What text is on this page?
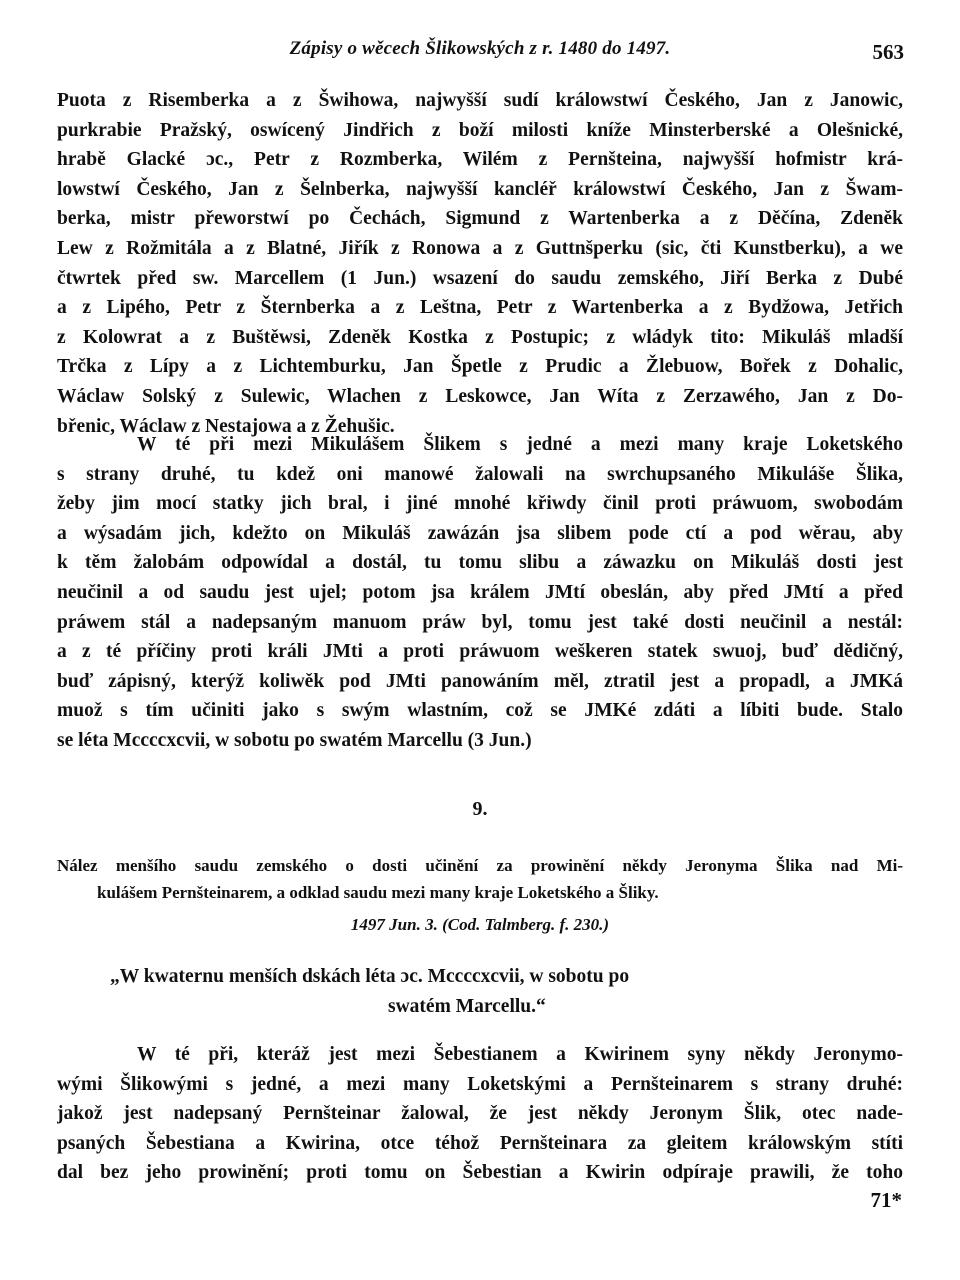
Zápisy o wěcech Šlikowských z r. 1480 do 1497.	563
Puota z Risemberka a z Šwihowa, najwyšší sudí králowstwí Českého, Jan z Janowic,
purkrabie Pražský, oswícený Jindřich z boží milosti kníže Minsterberské a Olešnické,
hrabě Glacké ɔc., Petr z Rozmberka, Wilém z Pernšteina, najwyšší hofmistr krá-
lowstwí Českého, Jan z Šelnberka, najwyšší kancléř králowstwí Českého, Jan z Šwam-
berka, mistr přeworstwí po Čechách, Sigmund z Wartenberka a z Děčína, Zdeněk
Lew z Rožmitála a z Blatné, Jiřík z Ronowa a z Guttnšperku (sic, čti Kunstberku), a we
čtwrtek před sw. Marcellem (1 Jun.) wsazení do saudu zemského, Jiří Berka z Dubé
a z Lipého, Petr z Šternberka a z Leštna, Petr z Wartenberka a z Bydžowa, Jetřich
z Kolowrat a z Buštěwsi, Zdeněk Kostka z Postupic; z wládyk tito: Mikuláš mladší
Trčka z Lípy a z Lichtemburku, Jan Špetle z Prudic a Žlebuow, Bořek z Dohalic,
Wáclaw Solský z Sulewic, Wlachen z Leskowce, Jan Wíta z Zerzawého, Jan z Do-
břenic, Wáclaw z Nestajowa a z Žehušic.
W té při mezi Mikulášem Šlikem s jedné a mezi many kraje Loketského
s strany druhé, tu kdež oni manowé žalowali na swrchupsaného Mikuláše Šlika,
žeby jim mocí statky jich bral, i jiné mnohé křiwdy činil proti práwuom, swobodám
a wýsadám jich, kdežto on Mikuláš zawázán jsa slibem pode ctí a pod wěrau, aby
k těm žalobám odpowídal a dostál, tu tomu slibu a záwazku on Mikuláš dosti jest
neučinil a od saudu jest ujel; potom jsa králem JMtí obeslán, aby před JMtí a před
práwem stál a nadepsaným manuom práw byl, tomu jest také dosti neučinil a nestál:
a z té příčiny proti králi JMti a proti práwuom weškeren statek swuoj, buď dědičný,
buď zápisný, kterýž koliwěk pod JMti panowáním měl, ztratil jest a propadl, a JMKá
muož s tím učiniti jako s swým wlastním, což se JMKé zdáti a líbiti bude. Stalo
se léta Mccccxcvii, w sobotu po swatém Marcellu (3 Jun.)
9.
Nález menšího saudu zemského o dosti učinění za prowinění někdy Jeronyma Šlika nad Mi-
kulášem Pernšteinarem, a odklad saudu mezi many kraje Loketského a Šliky.
1497 Jun. 3. (Cod. Talmberg. f. 230.)
„W kwaternu menších dskách léta ɔc. Mccccxcvii, w sobotu po
swatém Marcellu.“
W té při, kteráž jest mezi Šebestianem a Kwirinem syny někdy Jeronymo-
wými Šlikowými s jedné, a mezi many Loketskými a Pernšteinarem s strany druhé:
jakož jest nadepsaný Pernšteinar žalowal, že jest někdy Jeronym Šlik, otec nade-
psaných Šebestiana a Kwirina, otce téhož Pernšteinara za gleitem králowským stíti
dal bez jeho prowinění; proti tomu on Šebestian a Kwirin odpíraje prawili, že toho
71*
